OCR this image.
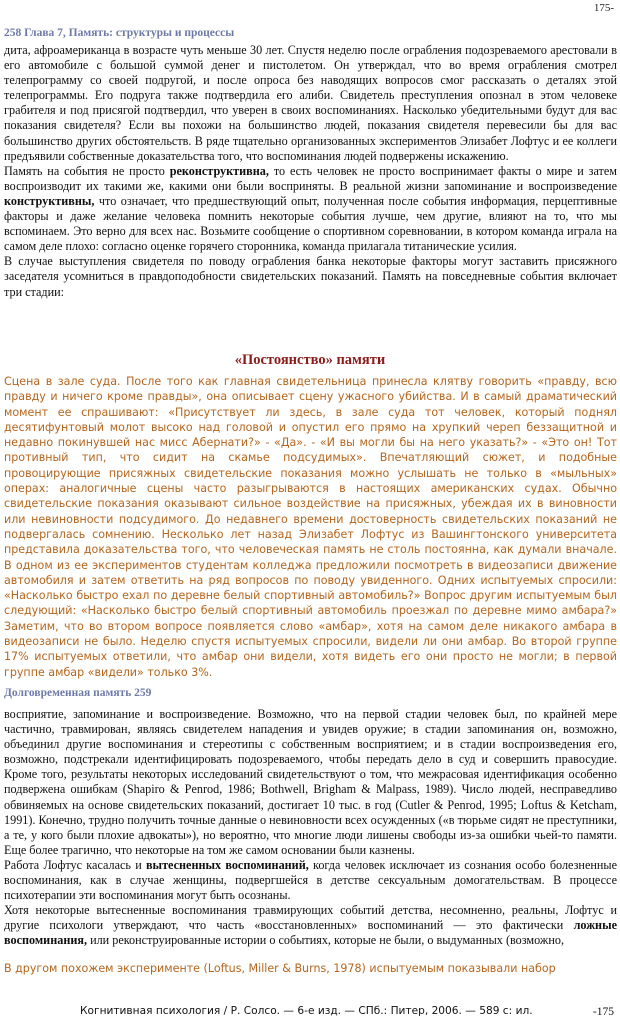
175-
258 Глава 7, Память: структуры и процессы

дита, афроамериканца в возрасте чуть меньше 30 лет. Спустя неделю после ограбления подозреваемого арестовали в его автомобиле с большой суммой денег и пистолетом. Он утверждал, что во время ограбления смотрел телепрограмму со своей подругой, и после опроса без наводящих вопросов смог рассказать о деталях этой телепрограммы. Его подруга также подтвердила его алиби. Свидетель преступления опознал в этом человеке грабителя и под присягой подтвердил, что уверен в своих воспоминаниях. Насколько убедительными будут для вас показания свидетеля? Если вы похожи на большинство людей, показания свидетеля перевесили бы для вас большинство других обстоятельств. В ряде тщательно организованных экспериментов Элизабет Лофтус и ее коллеги предъявили собственные доказательства того, что воспоминания людей подвержены искажению.

Память на события не просто реконструктивна, то есть человек не просто воспринимает факты о мире и затем воспроизводит их такими же, какими они были восприняты. В реальной жизни запоминание и воспроизведение конструктивны, что означает, что предшествующий опыт, полученная после события информация, перцептивные факторы и даже желание человека помнить некоторые события лучше, чем другие, влияют на то, что мы вспоминаем. Это верно для всех нас. Возьмите сообщение о спортивном соревновании, в котором команда играла на самом деле плохо: согласно оценке горячего сторонника, команда прилагала титанические усилия.

В случае выступления свидетеля по поводу ограбления банка некоторые факторы могут заставить присяжного заседателя усомниться в правдоподобности свидетельских показаний. Память на повседневные события включает три стадии:

«Постоянство» памяти

Сцена в зале суда. После того как главная свидетельница принесла клятву говорить «правду, всю правду и ничего кроме правды», она описывает сцену ужасного убийства. И в самый драматический момент ее спрашивают: «Присутствует ли здесь, в зале суда тот человек, который поднял десятифунтовый молот высоко над головой и опустил его прямо на хрупкий череп беззащитной и недавно покинувшей нас мисс Абернати?» - «Да». - «И вы могли бы на него указать?» - «Это он! Тот противный тип, что сидит на скамье подсудимых». Впечатляющий сюжет, и подобные провоцирующие присяжных свидетельские показания можно услышать не только в «мыльных» операх: аналогичные сцены часто разыгрываются в настоящих американских судах. Обычно свидетельские показания оказывают сильное воздействие на присяжных, убеждая их в виновности или невиновности подсудимого. До недавнего времени достоверность свидетельских показаний не подвергалась сомнению. Несколько лет назад Элизабет Лофтус из Вашингтонского университета представила доказательства того, что человеческая память не столь постоянна, как думали вначале. В одном из ее экспериментов студентам колледжа предложили посмотреть в видеозаписи движение автомобиля и затем ответить на ряд вопросов по поводу увиденного. Одних испытуемых спросили: «Насколько быстро ехал по деревне белый спортивный автомобиль?» Вопрос другим испытуемым был следующий: «Насколько быстро белый спортивный автомобиль проезжал по деревне мимо амбара?» Заметим, что во втором вопросе появляется слово «амбар», хотя на самом деле никакого амбара в видеозаписи не было. Неделю спустя испытуемых спросили, видели ли они амбар. Во второй группе 17% испытуемых ответили, что амбар они видели, хотя видеть его они просто не могли; в первой группе амбар «видели» только 3%.

Долговременная память 259

восприятие, запоминание и воспроизведение. Возможно, что на первой стадии человек был, по крайней мере частично, травмирован, являясь свидетелем нападения и увидев оружие; в стадии запоминания он, возможно, объединил другие воспоминания и стереотипы с собственным восприятием; и в стадии воспроизведения его, возможно, подстрекали идентифицировать подозреваемого, чтобы передать дело в суд и совершить правосудие. Кроме того, результаты некоторых исследований свидетельствуют о том, что межрасовая идентификация особенно подвержена ошибкам (Shapiro & Penrod, 1986; Bothwell, Brigham & Malpass, 1989). Число людей, несправедливо обвиняемых на основе свидетельских показаний, достигает 10 тыс. в год (Cutler & Penrod, 1995; Loftus & Ketcham, 1991). Конечно, трудно получить точные данные о невиновности всех осужденных («в тюрьме сидят не преступники, а те, у кого были плохие адвокаты»), но вероятно, что многие люди лишены свободы из-за ошибки чьей-то памяти. Еще более трагично, что некоторые на том же самом основании были казнены.

Работа Лофтус касалась и вытесненных воспоминаний, когда человек исключает из сознания особо болезненные воспоминания, как в случае женщины, подвергшейся в детстве сексуальным домогательствам. В процессе психотерапии эти воспоминания могут быть осознаны.

Хотя некоторые вытесненные воспоминания травмирующих событий детства, несомненно, реальны, Лофтус и другие психологи утверждают, что часть «восстановленных» воспоминаний — это фактически ложные воспоминания, или реконструированные истории о событиях, которые не были, о выдуманных (возможно,

В другом похожем эксперименте (Loftus, Miller & Burns, 1978) испытуемым показывали набор

Когнитивная психология / Р. Солсо. — 6-е изд. — СПб.: Питер, 2006. — 589 с: ил.	-175
